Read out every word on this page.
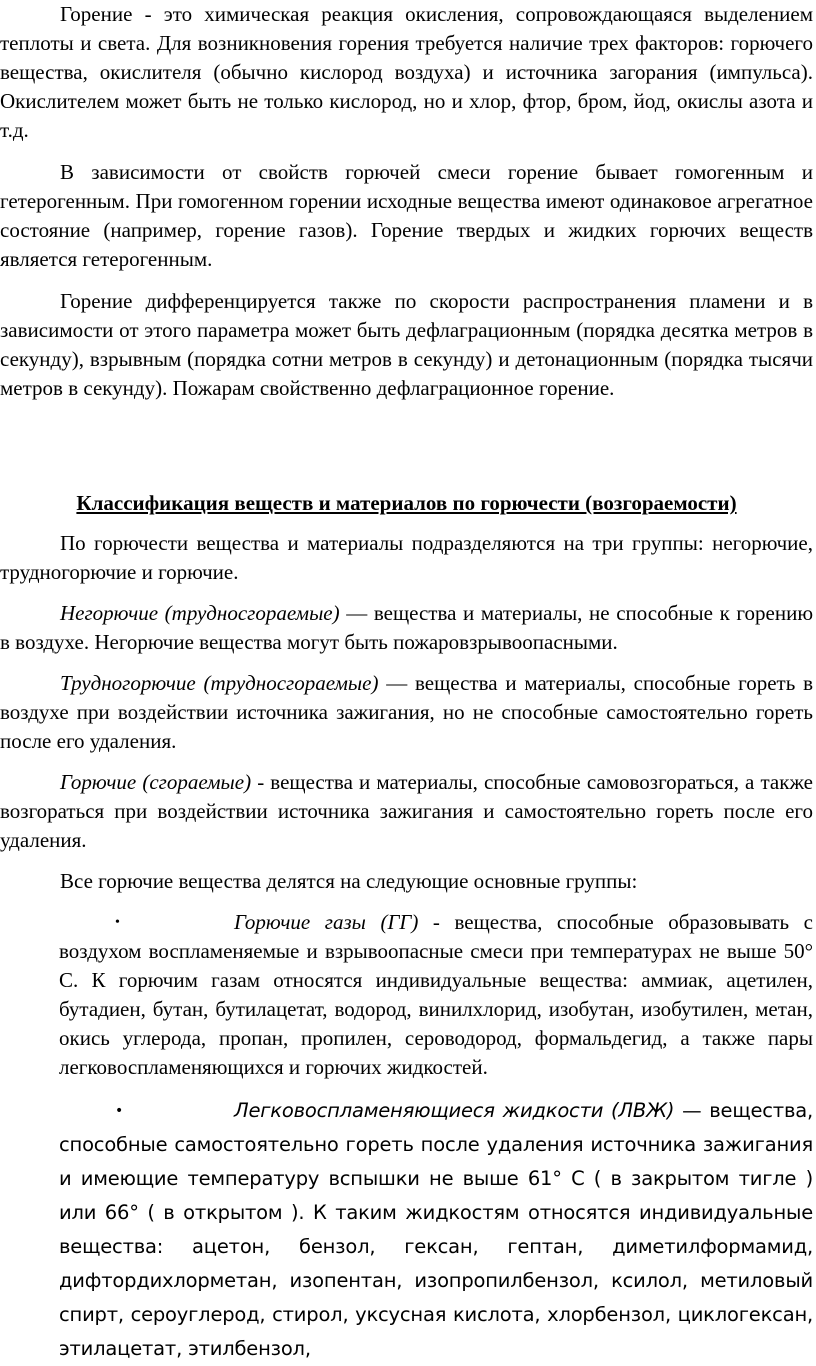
Горение - это химическая реакция окисления, сопровождающаяся выделением теплоты и света. Для возникновения горения требуется наличие трех факторов: горючего вещества, окислителя (обычно кислород воздуха) и источника загорания (импульса). Окислителем может быть не только кислород, но и хлор, фтор, бром, йод, окислы азота и т.д.

В зависимости от свойств горючей смеси горение бывает гомогенным и гетерогенным. При гомогенном горении исходные вещества имеют одинаковое агрегатное состояние (например, горение газов). Горение твердых и жидких горючих веществ является гетерогенным.

Горение дифференцируется также по скорости распространения пламени и в зависимости от этого параметра может быть дефлаграционным (порядка десятка метров в секунду), взрывным (порядка сотни метров в секунду) и детонационным (порядка тысячи метров в секунду). Пожарам свойственно дефлаграционное горение.

Классификация веществ и материалов по горючести (возгораемости)

По горючести вещества и материалы подразделяются на три группы: негорючие, трудногорючие и горючие.

Негорючие (трудносгораемые) — вещества и материалы, не способные к горению в воздухе. Негорючие вещества могут быть пожаровзрывоопасными.

Трудногорючие (трудносгораемые) — вещества и материалы, способные гореть в воздухе при воздействии источника зажигания, но не способные самостоятельно гореть после его удаления.

Горючие (сгораемые) - вещества и материалы, способные самовозгораться, а также возгораться при воздействии источника зажигания и самостоятельно гореть после его удаления.

Все горючие вещества делятся на следующие основные группы:

•	Горючие газы (ГГ) - вещества, способные образовывать с воздухом воспламеняемые и взрывоопасные смеси при температурах не выше 50° С. К горючим газам относятся индивидуальные вещества: аммиак, ацетилен, бутадиен, бутан, бутилацетат, водород, винилхлорид, изобутан, изобутилен, метан, окись углерода, пропан, пропилен, сероводород, формальдегид, а также пары легковоспламеняющихся и горючих жидкостей.
•	Легковоспламеняющиеся жидкости (ЛВЖ) — вещества, способные самостоятельно гореть после удаления источника зажигания и имеющие температуру вспышки не выше 61° С ( в закрытом тигле ) или 66° ( в открытом ). К таким жидкостям относятся индивидуальные вещества: ацетон, бензол, гексан, гептан, диметилформамид, дифтордихлорметан, изопентан, изопропилбензол, ксилол, метиловый спирт, сероуглерод, стирол, уксусная кислота, хлорбензол, циклогексан, этилацетат, этилбензол,
